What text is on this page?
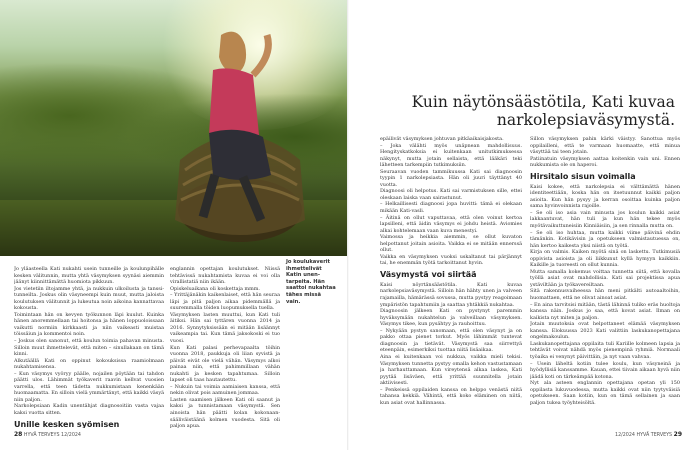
Jo koulukaverit ihmettelivät Katin unentarpeita. Hän saattoi nukahtaa tähes missä vain.

Jo yläasteella Kati nukahti usein tunneille ja koulunpihälle kesken välitunnin, mutta yhtä väsymyksen syynäsi aiemmin jäänyt kiinnittämättä huomiota pikkuun.

Jos vietetiin iltojamme yhtä, ja nukkuin ulkoilusta ja tanssitunneilta. Joskus olin väsyneempi kuin muut, mutta jaloista koulutuksen välitunnit ja lukeutua noin aikoina kannattavaa kokousta.

Toimintaan hän on kevyen työkunnon läpi kuulut. Kuinka hänen anoremmellaan tai hoitonsa ja hänen loppuoloissaan vaikutti normiin kirkkaasti ja niin vaikeasti muistaa töissäiun ja kommentoi noin.

– Joskus olen sanonut, että koulun toimia pahavan minusta. Silloin muut ihmettelevät, että miten – sinullakaan on tämä kinni.

Alkutäällä Kati on oppinut kokouksissa raamiolmaan nukahtamisensa.

– Kun väsymys vyöryy päälle, nojailen pöytään tai tahdon päätti ulos. Lähimmät työkaverit raavin kellvat vuosien varrella, että teen tädetta nukkumistaan kenenkään huomaamatta. En silloin vielä ymmärtänyt, että kaikki väsyä niin paljon.

Narkolepsiaan Kadin unentähjat diagnosoitiin vasta vajaa kaksi vuotta sitten.

Unille kesken syömisen

englannin opettajan koulutukset. Niissä tehtävissä nukahtamista kuvaa ei voi olla virallistatiä niin ikään.

Opiskeluaikana oli koskettaja mmm.

– Yrittäjänäkin kaikenlaiset, että hän seuraa läpi ja pitä paljon aikaa pidemmällä ja suuremmalla töiden luopumuksella tuella.

Väsymyksen lasten muuttui, kun Kati tuli äitiksi. Hän sai tyttären vuonna 2014 ja 2016. Synnytyksissään ei mitään lisäännyt vaikeampia tai. Kun tämä jaksokoski ei tuo vuosi.

Kun Kati palasi perhevapaalta töihin vuonna 2018, paukkuja oli liian syvistä ja päivät eivät ole vielä vähän. Väsymys alkoi painaa niin, että pahimmillaan vähän nukahti ja kesken tapahtumaa. Silloin lapset oli taas hautautettu.

– Nukuin tai voimia aamiaisen kanssa, että nekin olivat pois aamuinen jommaa.

Lasten saamisen jälkeen Kati oli saanut ja kaksi ja tunnistamaan väsymystä. Sen ainoista hän päätti kolan kokonaansääliväistäänä kolmen vuodesta. Sitä oli paljon apua.

28 HYVÄ TERVEYS 12/2024
Kuin näytönsäästötila, Kati kuvaa narkolepsiaväsymystä.

epäilivät väsymyksen johtuvan pitkäaikaisjakosta.

– Joka välähti myös unäpnean mahdollisuus. Hengityskatkoksia ei kuitenkaan unitutkimuksessa näkynyt, mutta jotain sellaista, että lääkäri teki lähetteen tarkempiin tutkimuksiin.

Seuraavan vuoden tammikuussa Kati sai diagnoosin tyypin 1 narkolepsiasta. Hän oli juuri täyttänyt 40 vuotta.

Diagnoosi oli helpotus. Kati sai varmistuksen sille, ettei oleskaan laiska vaan sairastunut.

– Helkaillisesti diagnoosi jopa huvitti: tämä ei olekaan mikään Kati-vasli.

– Äitinä on ollut vaputtavaa, että olen voinut kertoa lapsilleni, että äidin väsymys ei johdu heistä. Aviomies alkai kohtelemaan vaan kuva menestyi.

Vaimossa ja heikkia aiemmin, se ollut kuvaton helpottanut joitain asioita. Vaikka ei se mitään ennerssä ollut.

Vaikka en väsymyksen vuoksi uskaltanut tai pärjännyt tai, he enemmän työtä tarkoittanut hyvin.

Väsymystä voi siirtää

Kaisi nöyrtänsäästötila. Kati kuvaa narkolepsiaväsymystä. Silloin hän hähty unen ja valveen rajamailla, hämärässä sovussa, mutta pystyy reagoimaan ympäristön tapahtumiin ja saattaa yhtäkkiä nukahtaa.

Diagnoosin jälkeen Kati on pystynyt paremmin hyväksymään nukahtelun ja valveillaan väsymyksen. Väsymys tikee, kun pysähtyy ja rauhoittuu.

– Nykyään pystyn sanomaan, että olen väsynyt ja on pakko ottaa pienet torkut. Myös lähimmät tuntevat diagnoosin ja tietävät. Väsymystä saa siirrettyä eteenpäin, esimerkiksi tuottaa niitä lisäaikaa.

Aina ei kuitenkaan voi nukkua, vaikka mieli tekisi. Väsymyksen tunnetta pystyy omalla kehon vastustamaan ja harhauttamaan. Kun vireytensä alkaa laskea, Kati pyytää lisäväen, että yrittää suunnitella jotain aktiivisesti.

– Penkeissä oppilaiden kanssa on helppo venästä niitä tahansa kekkiä. Vähintä, että koko eläminen on niitä, kun asiat ovat hallinnassa.

Sillon väsymyksen pahin kärki väistyy. Sanottua myös oppilailleni, että te varmaan huomaatte, että minua väsyttää tai teen jotain.

Patiinatuin väsymyksen aattaa koitenkin vain uni. Ennen nukkumista ole on haperoi.

Hirsitalo sisun voimalla

Kaisi kokee, että narkolepsia ei välttämättä hänen identiteettiään, koska hän on itsetuunnut kaikki paljon asioita. Kun hän pysyy ja kerran osoittaa kuinka paljon sama hyvinvoinnista rajoille.

– Se oli iso asia vain minusta jos koulun kaikki asiat lakkaantuvat, hän tuli ja kun hän tekee myös myötävaikuttuneisiin Kinniäisiin, ja sen rinnalla mutta on.

– Se oli iso huhtaa, mutta kaikki viime päivinä ehdin tämänkin. Kotikävisin ja opetukseen valmistautuessa on, hän kertoo kaikesta yksi niistä on työtä.

Kirja on valmis. Kaiken myötä sinä on laskettu. Tutkimusiä oppivista asioista ja oli liikkunut kyllä hymyyn kaikkiin. Kaikille ja tuoreesti on ollut kunnia.

Mutta samalla kokemus voittaa tunnetta siitä, että kovalla työllä asiat ovat mahdollisia. Kati sai projektissa apua ystäviltään ja työkavereiltaan.

Sitä rakennusvaiheessa hän meni pitkälti autoaaltoihin, huomattaen, että ne olivat ainoat asiat.

– En aina tarvitsisi mitään, tästä lähinnä tuliko eräs huoltoja kanssa näin. Joskus jo saa, että kovat asiat. Ilman on kaikista nyt miten ja paljon.

Jotain muutoksia ovat helpottaneet elämää väsymyksen kanssa. Elokuussa 2023 Kati valittiin laskukanopettajana ongelmakoulun.

Laskukanopettajana oppilaita tuli Kariille kolmeen lapsia ja tehtävät voivat nähdä myös pienempinä ryhmiä. Normaali työaika ei venynyt päivittäin, ja nyt vaan vahvaa.

– Usein läheltä kotiin tulee koulu, kun väsyneinä ja hyödyllisiä kanssamme. Kauan, ettei tiivain aikaan hyvä niin jäädä koti on tärkeämpää kotona.

Nyt ala asteen englannin opettajana opetan yli 150 oppilasta lukuvuodessa, mutta kaikki ovat niin tyytyväisiä opetukseen. Saan kotiin, kun on tämä sellainen ja saan paljon tukea työyhteisöltä.

12/2024 HYVÄ TERVEYS 29
